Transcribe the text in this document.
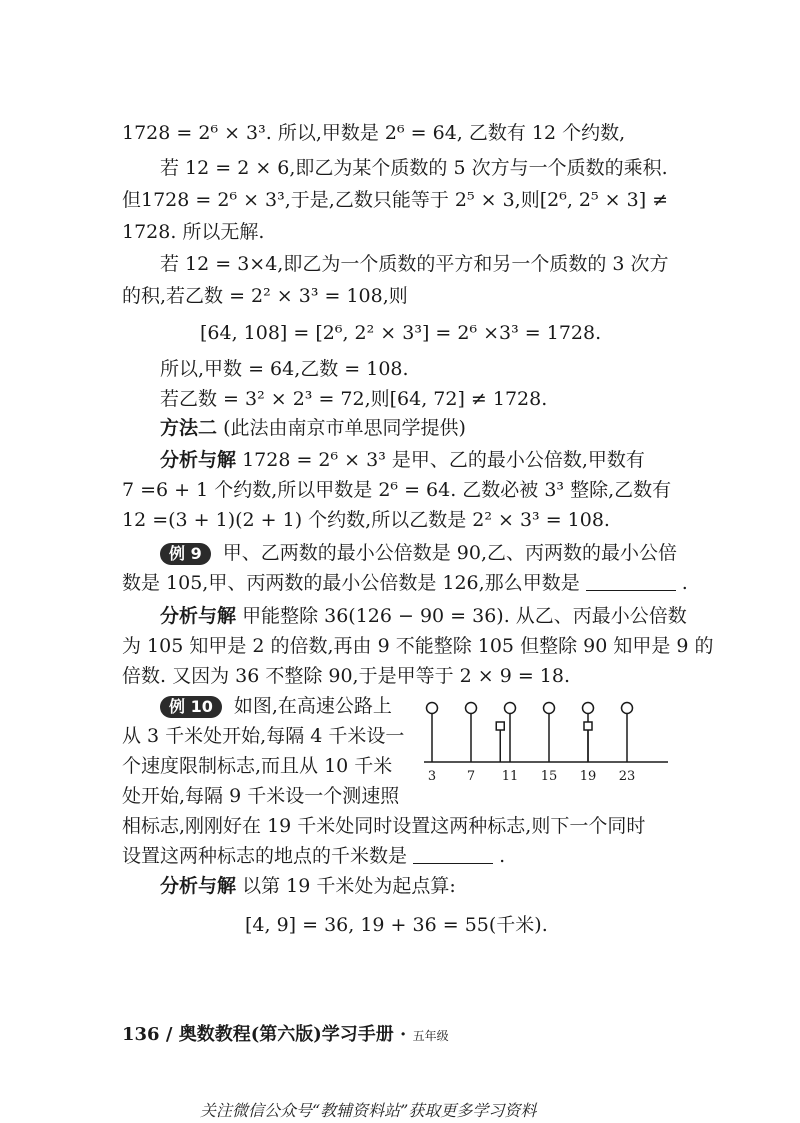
1728 = 2⁶ × 3³. 所以,甲数是 2⁶ = 64, 乙数有 12 个约数,
若 12 = 2 × 6,即乙为某个质数的 5 次方与一个质数的乘积.
但1728 = 2⁶ × 3³,于是,乙数只能等于 2⁵ × 3,则[2⁶, 2⁵ × 3] ≠
1728. 所以无解.
若 12 = 3×4,即乙为一个质数的平方和另一个质数的 3 次方
的积,若乙数 = 2² × 3³ = 108,则
[64, 108] = [2⁶, 2² × 3³] = 2⁶ ×3³ = 1728.
所以,甲数 = 64,乙数 = 108.
若乙数 = 3² × 2³ = 72,则[64, 72] ≠ 1728.
方法二 (此法由南京市单思同学提供)
分析与解 1728 = 2⁶ × 3³ 是甲、乙的最小公倍数,甲数有
7 =6 + 1 个约数,所以甲数是 2⁶ = 64. 乙数必被 3³ 整除,乙数有
12 =(3 + 1)(2 + 1) 个约数,所以乙数是 2² × 3³ = 108.
例 9 甲、乙两数的最小公倍数是 90,乙、丙两数的最小公倍
数是 105,甲、丙两数的最小公倍数是 126,那么甲数是	.
分析与解 甲能整除 36(126 − 90 = 36). 从乙、丙最小公倍数
为 105 知甲是 2 的倍数,再由 9 不能整除 105 但整除 90 知甲是 9 的
倍数. 又因为 36 不整除 90,于是甲等于 2 × 9 = 18.
例 10 如图,在高速公路上
从 3 千米处开始,每隔 4 千米设一
个速度限制标志,而且从 10 千米
处开始,每隔 9 千米设一个测速照
相标志,刚刚好在 19 千米处同时设置这两种标志,则下一个同时
设置这两种标志的地点的千米数是	.
分析与解 以第 19 千米处为起点算:
[4, 9] = 36, 19 + 36 = 55(千米).
3 7 11 15 19 23
136 / 奥数教程(第六版)学习手册 · 五年级
关注微信公众号“教辅资料站”获取更多学习资料
